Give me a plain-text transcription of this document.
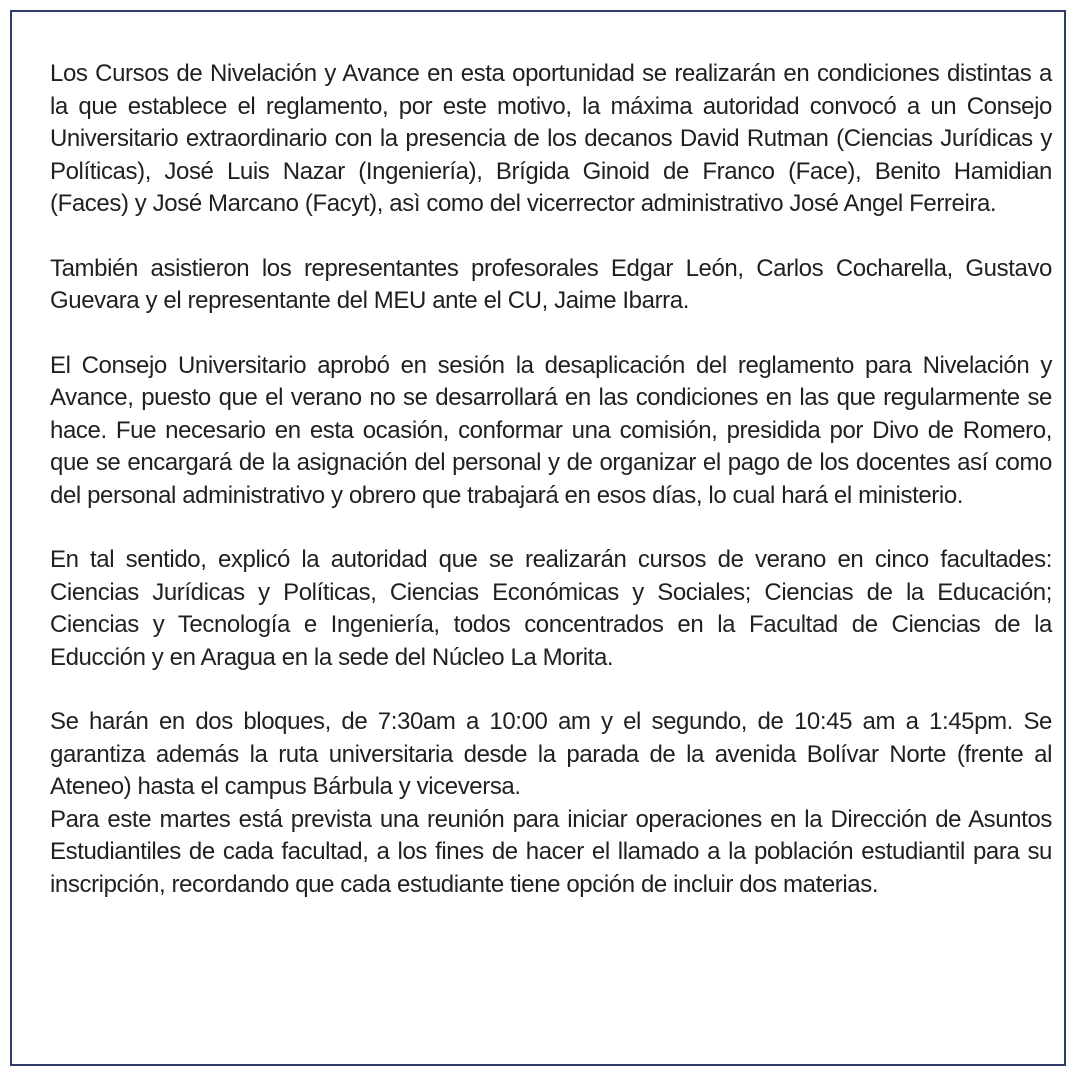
Los Cursos de Nivelación y Avance en esta oportunidad se realizarán en condiciones distintas a la que establece el reglamento, por este motivo, la máxima autoridad convocó a un Consejo Universitario extraordinario con la presencia de los decanos David Rutman (Ciencias Jurídicas y Políticas), José Luis Nazar (Ingeniería), Brígida Ginoid de Franco (Face), Benito Hamidian (Faces) y José Marcano (Facyt), asì como del vicerrector administrativo José Angel Ferreira.

También asistieron los representantes profesorales Edgar León, Carlos Cocharella, Gustavo Guevara y el representante del MEU ante el CU, Jaime Ibarra.

El Consejo Universitario aprobó en sesión la desaplicación del reglamento para Nivelación y Avance, puesto que el verano no se desarrollará en las condiciones en las que regularmente se hace. Fue necesario en esta ocasión, conformar una comisión, presidida por Divo de Romero, que se encargará de la asignación del personal y de organizar el pago de los docentes así como del personal administrativo y obrero que trabajará en esos días, lo cual hará el ministerio.

En tal sentido, explicó la autoridad que se realizarán cursos de verano en cinco facultades: Ciencias Jurídicas y Políticas, Ciencias Económicas y Sociales; Ciencias de la Educación; Ciencias y Tecnología e Ingeniería, todos concentrados en la Facultad de Ciencias de la Educción y en Aragua en la sede del Núcleo La Morita.

Se harán en dos bloques, de 7:30am a 10:00 am y el segundo, de 10:45 am a 1:45pm. Se garantiza además la ruta universitaria desde la parada de la avenida Bolívar Norte (frente al Ateneo) hasta el campus Bárbula y viceversa.

Para este martes está prevista una reunión para iniciar operaciones en la Dirección de Asuntos Estudiantiles de cada facultad, a los fines de hacer el llamado a la población estudiantil para su inscripción, recordando que cada estudiante tiene opción de incluir dos materias.
